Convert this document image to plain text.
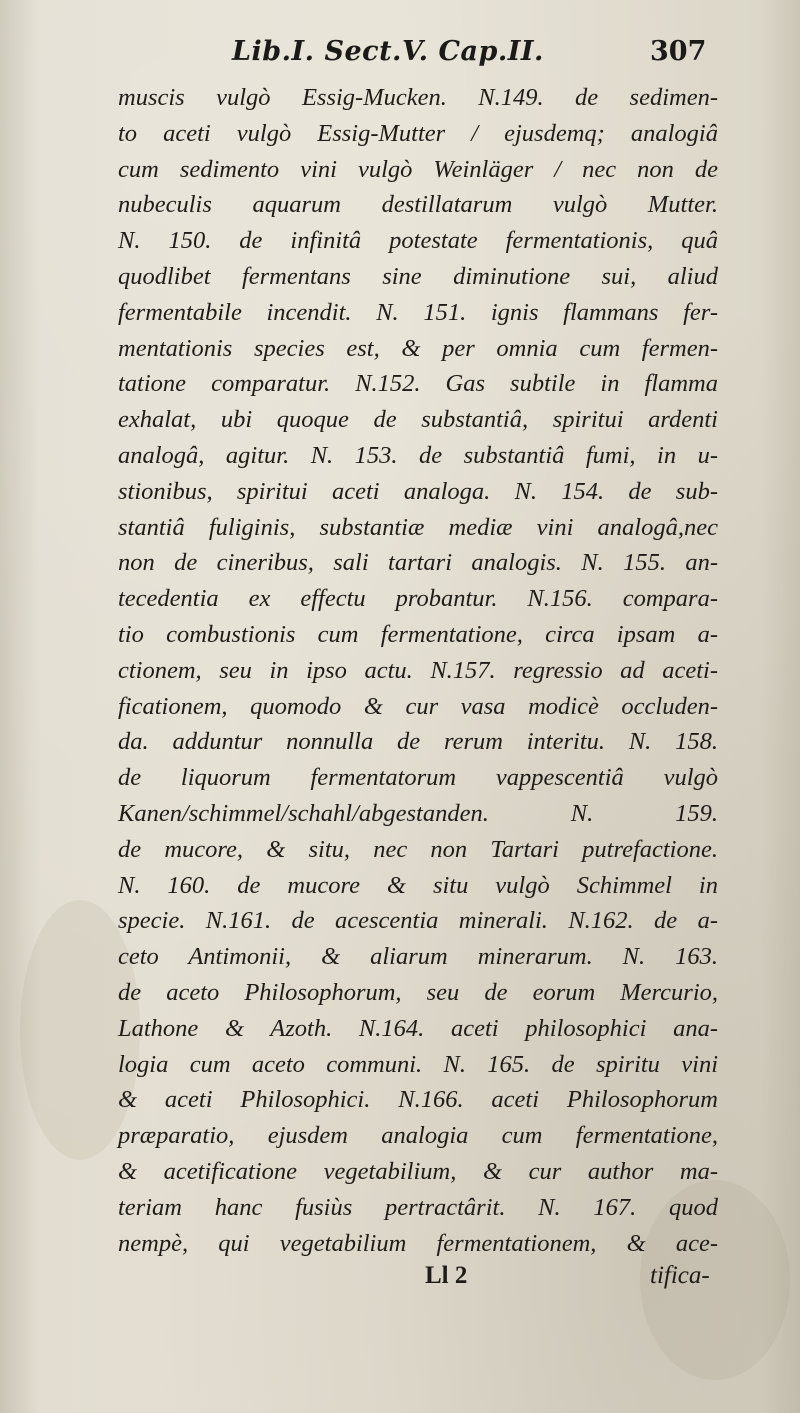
Lib.I. Sect.V. Cap.II.	307
muscis vulgò Essig-Mucken. N.149. de sedimen-
to aceti vulgò Essig-Mutter / ejusdemq; analogiâ
cum sedimento vini vulgò Weinläger / nec non de
nubeculis aquarum destillatarum vulgò Mutter.
N. 150. de infinitâ potestate fermentationis, quâ
quodlibet fermentans sine diminutione sui, aliud
fermentabile incendit. N. 151. ignis flammans fer-
mentationis species est, & per omnia cum fermen-
tatione comparatur. N.152. Gas subtile in flamma
exhalat, ubi quoque de substantiâ, spiritui ardenti
analogâ, agitur. N. 153. de substantiâ fumi, in u-
stionibus, spiritui aceti analoga. N. 154. de sub-
stantiâ fuliginis, substantiæ mediæ vini analogâ,nec
non de cineribus, sali tartari analogis. N. 155. an-
tecedentia ex effectu probantur. N.156. compara-
tio combustionis cum fermentatione, circa ipsam a-
ctionem, seu in ipso actu. N.157. regressio ad aceti-
ficationem, quomodo & cur vasa modicè occluden-
da. adduntur nonnulla de rerum interitu. N. 158.
de liquorum fermentatorum vappescentiâ vulgò
Kanen/schimmel/schahl/abgestanden. N. 159.
de mucore, & situ, nec non Tartari putrefactione.
N. 160. de mucore & situ vulgò Schimmel in
specie. N.161. de acescentia minerali. N.162. de a-
ceto Antimonii, & aliarum minerarum. N. 163.
de aceto Philosophorum, seu de eorum Mercurio,
Lathone & Azoth. N.164. aceti philosophici ana-
logia cum aceto communi. N. 165. de spiritu vini
& aceti Philosophici. N.166. aceti Philosophorum
præparatio, ejusdem analogia cum fermentatione,
& acetificatione vegetabilium, & cur author ma-
teriam hanc fusiùs pertractârit. N. 167. quod
nempè, qui vegetabilium fermentationem, & ace-
Ll 2	tifica-
